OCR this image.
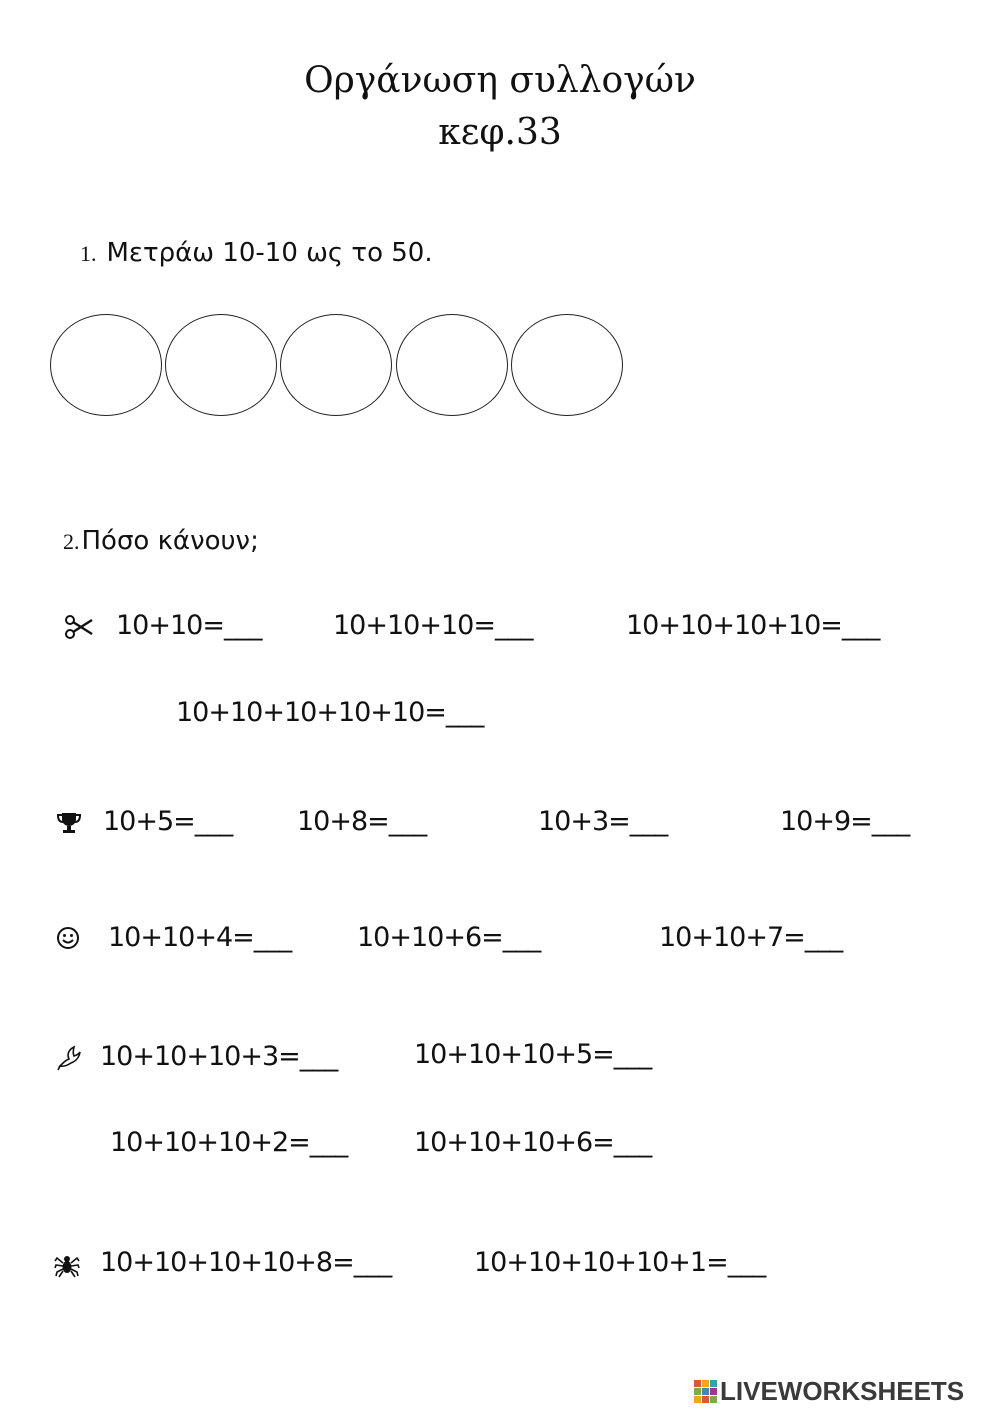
Οργάνωση συλλογών
κεφ.33
1. Μετράω 10-10 ως το 50.
2.Πόσο κάνουν;
10+10=___	10+10+10=___	10+10+10+10=___
10+10+10+10+10=___
10+5=___ 10+8=___	10+3=___	10+9=___
10+10+4=___ 10+10+6=___	10+10+7=___
10+10+10+3=___	10+10+10+5=___
10+10+10+2=___ 10+10+10+6=___
10+10+10+10+8=___	10+10+10+10+1=___
LIVEWORKSHEETS
